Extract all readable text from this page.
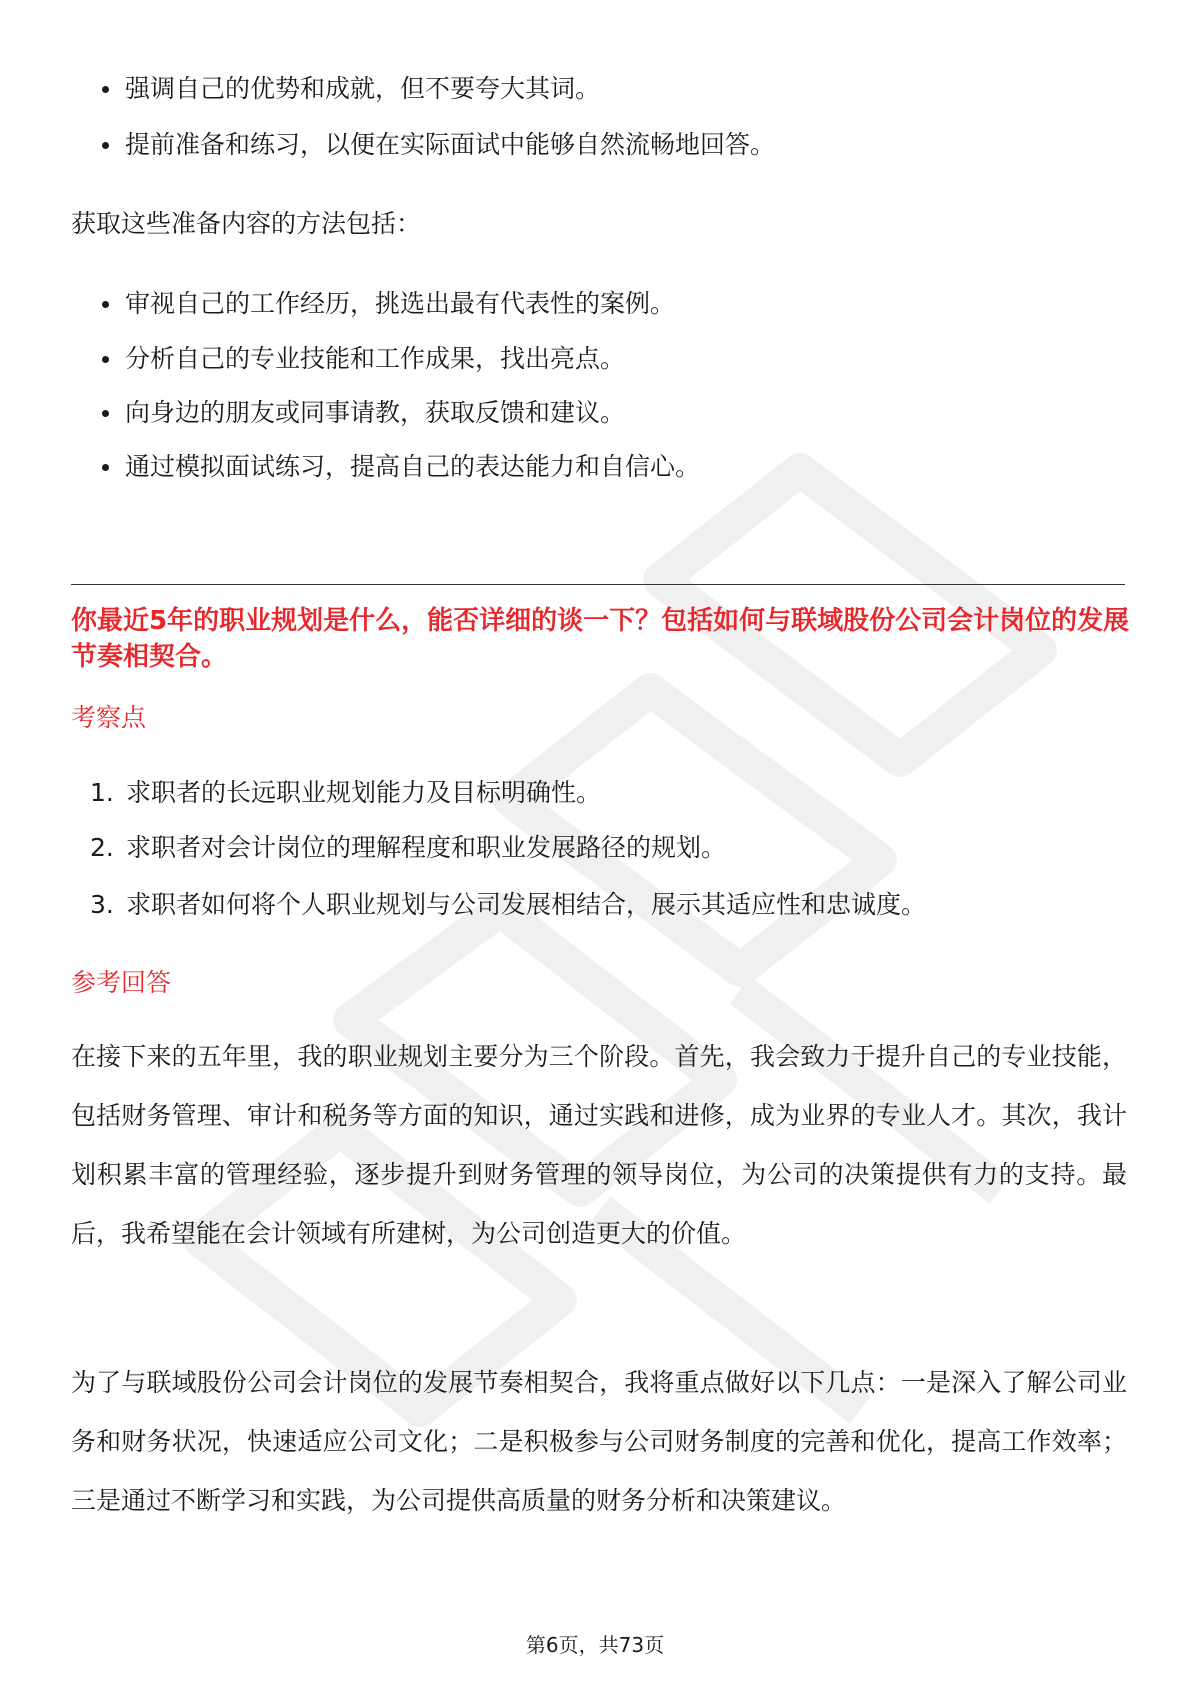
强调自己的优势和成就，但不要夸大其词。
提前准备和练习，以便在实际面试中能够自然流畅地回答。
获取这些准备内容的方法包括：
审视自己的工作经历，挑选出最有代表性的案例。
分析自己的专业技能和工作成果，找出亮点。
向身边的朋友或同事请教，获取反馈和建议。
通过模拟面试练习，提高自己的表达能力和自信心。
你最近5年的职业规划是什么，能否详细的谈一下？包括如何与联域股份公司会计岗位的发展节奏相契合。
考察点
1. 求职者的长远职业规划能力及目标明确性。
2. 求职者对会计岗位的理解程度和职业发展路径的规划。
3. 求职者如何将个人职业规划与公司发展相结合，展示其适应性和忠诚度。
参考回答
在接下来的五年里，我的职业规划主要分为三个阶段。首先，我会致力于提升自己的专业技能，包括财务管理、审计和税务等方面的知识，通过实践和进修，成为业界的专业人才。其次，我计划积累丰富的管理经验，逐步提升到财务管理的领导岗位，为公司的决策提供有力的支持。最后，我希望能在会计领域有所建树，为公司创造更大的价值。
为了与联域股份公司会计岗位的发展节奏相契合，我将重点做好以下几点：一是深入了解公司业务和财务状况，快速适应公司文化；二是积极参与公司财务制度的完善和优化，提高工作效率；三是通过不断学习和实践，为公司提供高质量的财务分析和决策建议。
第6页，共73页
